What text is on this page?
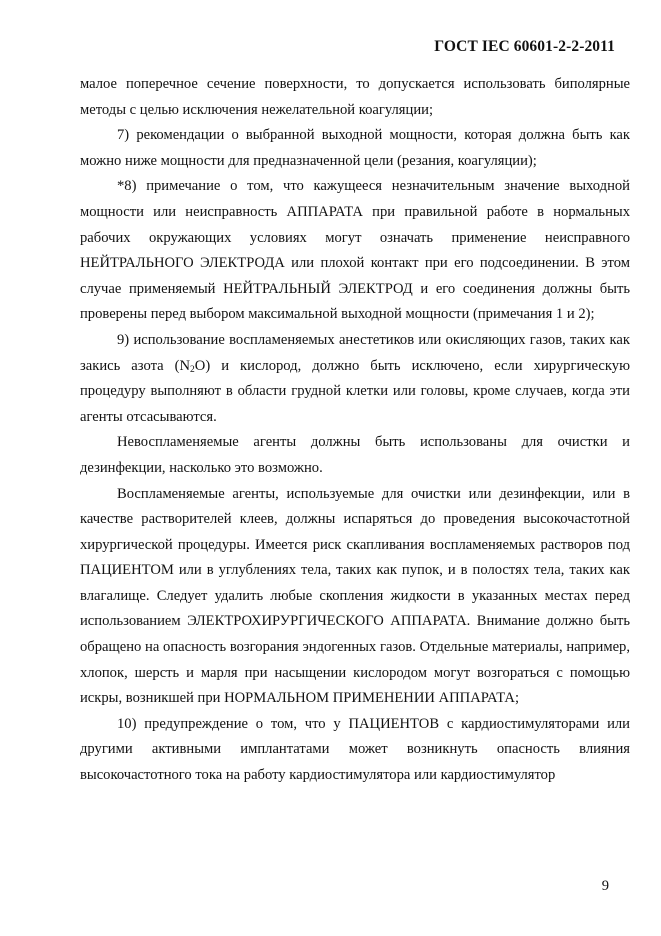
ГОСТ IEC 60601-2-2-2011

малое поперечное сечение поверхности, то допускается использовать биполярные методы с целью исключения нежелательной коагуляции;

7) рекомендации о выбранной выходной мощности, которая должна быть как можно ниже мощности для предназначенной цели (резания, коагуляции);

*8) примечание о том, что кажущееся незначительным значение выходной мощности или неисправность АППАРАТА при правильной работе в нормальных рабочих окружающих условиях могут означать применение неисправного НЕЙТРАЛЬНОГО ЭЛЕКТРОДА или плохой контакт при его подсоединении. В этом случае применяемый НЕЙТРАЛЬНЫЙ ЭЛЕКТРОД и его соединения должны быть проверены перед выбором максимальной выходной мощности (примечания 1 и 2);

9) использование воспламеняемых анестетиков или окисляющих газов, таких как закись азота $(N_2O)$ и кислород, должно быть исключено, если хирургическую процедуру выполняют в области грудной клетки или головы, кроме случаев, когда эти агенты отсасываются.

Невоспламеняемые агенты должны быть использованы для очистки и дезинфекции, насколько это возможно.

Воспламеняемые агенты, используемые для очистки или дезинфекции, или в качестве растворителей клеев, должны испаряться до проведения высокочастотной хирургической процедуры. Имеется риск скапливания воспламеняемых растворов под ПАЦИЕНТОМ или в углублениях тела, таких как пупок, и в полостях тела, таких как влагалище. Следует удалить любые скопления жидкости в указанных местах перед использованием ЭЛЕКТРОХИРУРГИЧЕСКОГО АППАРАТА. Внимание должно быть обращено на опасность возгорания эндогенных газов. Отдельные материалы, например, хлопок, шерсть и марля при насыщении кислородом могут возгораться с помощью искры, возникшей при НОРМАЛЬНОМ ПРИМЕНЕНИИ АППАРАТА;

10) предупреждение о том, что у ПАЦИЕНТОВ с кардиостимуляторами или другими активными имплантатами может возникнуть опасность влияния высокочастотного тока на работу кардиостимулятора или кардиостимулятор

9
